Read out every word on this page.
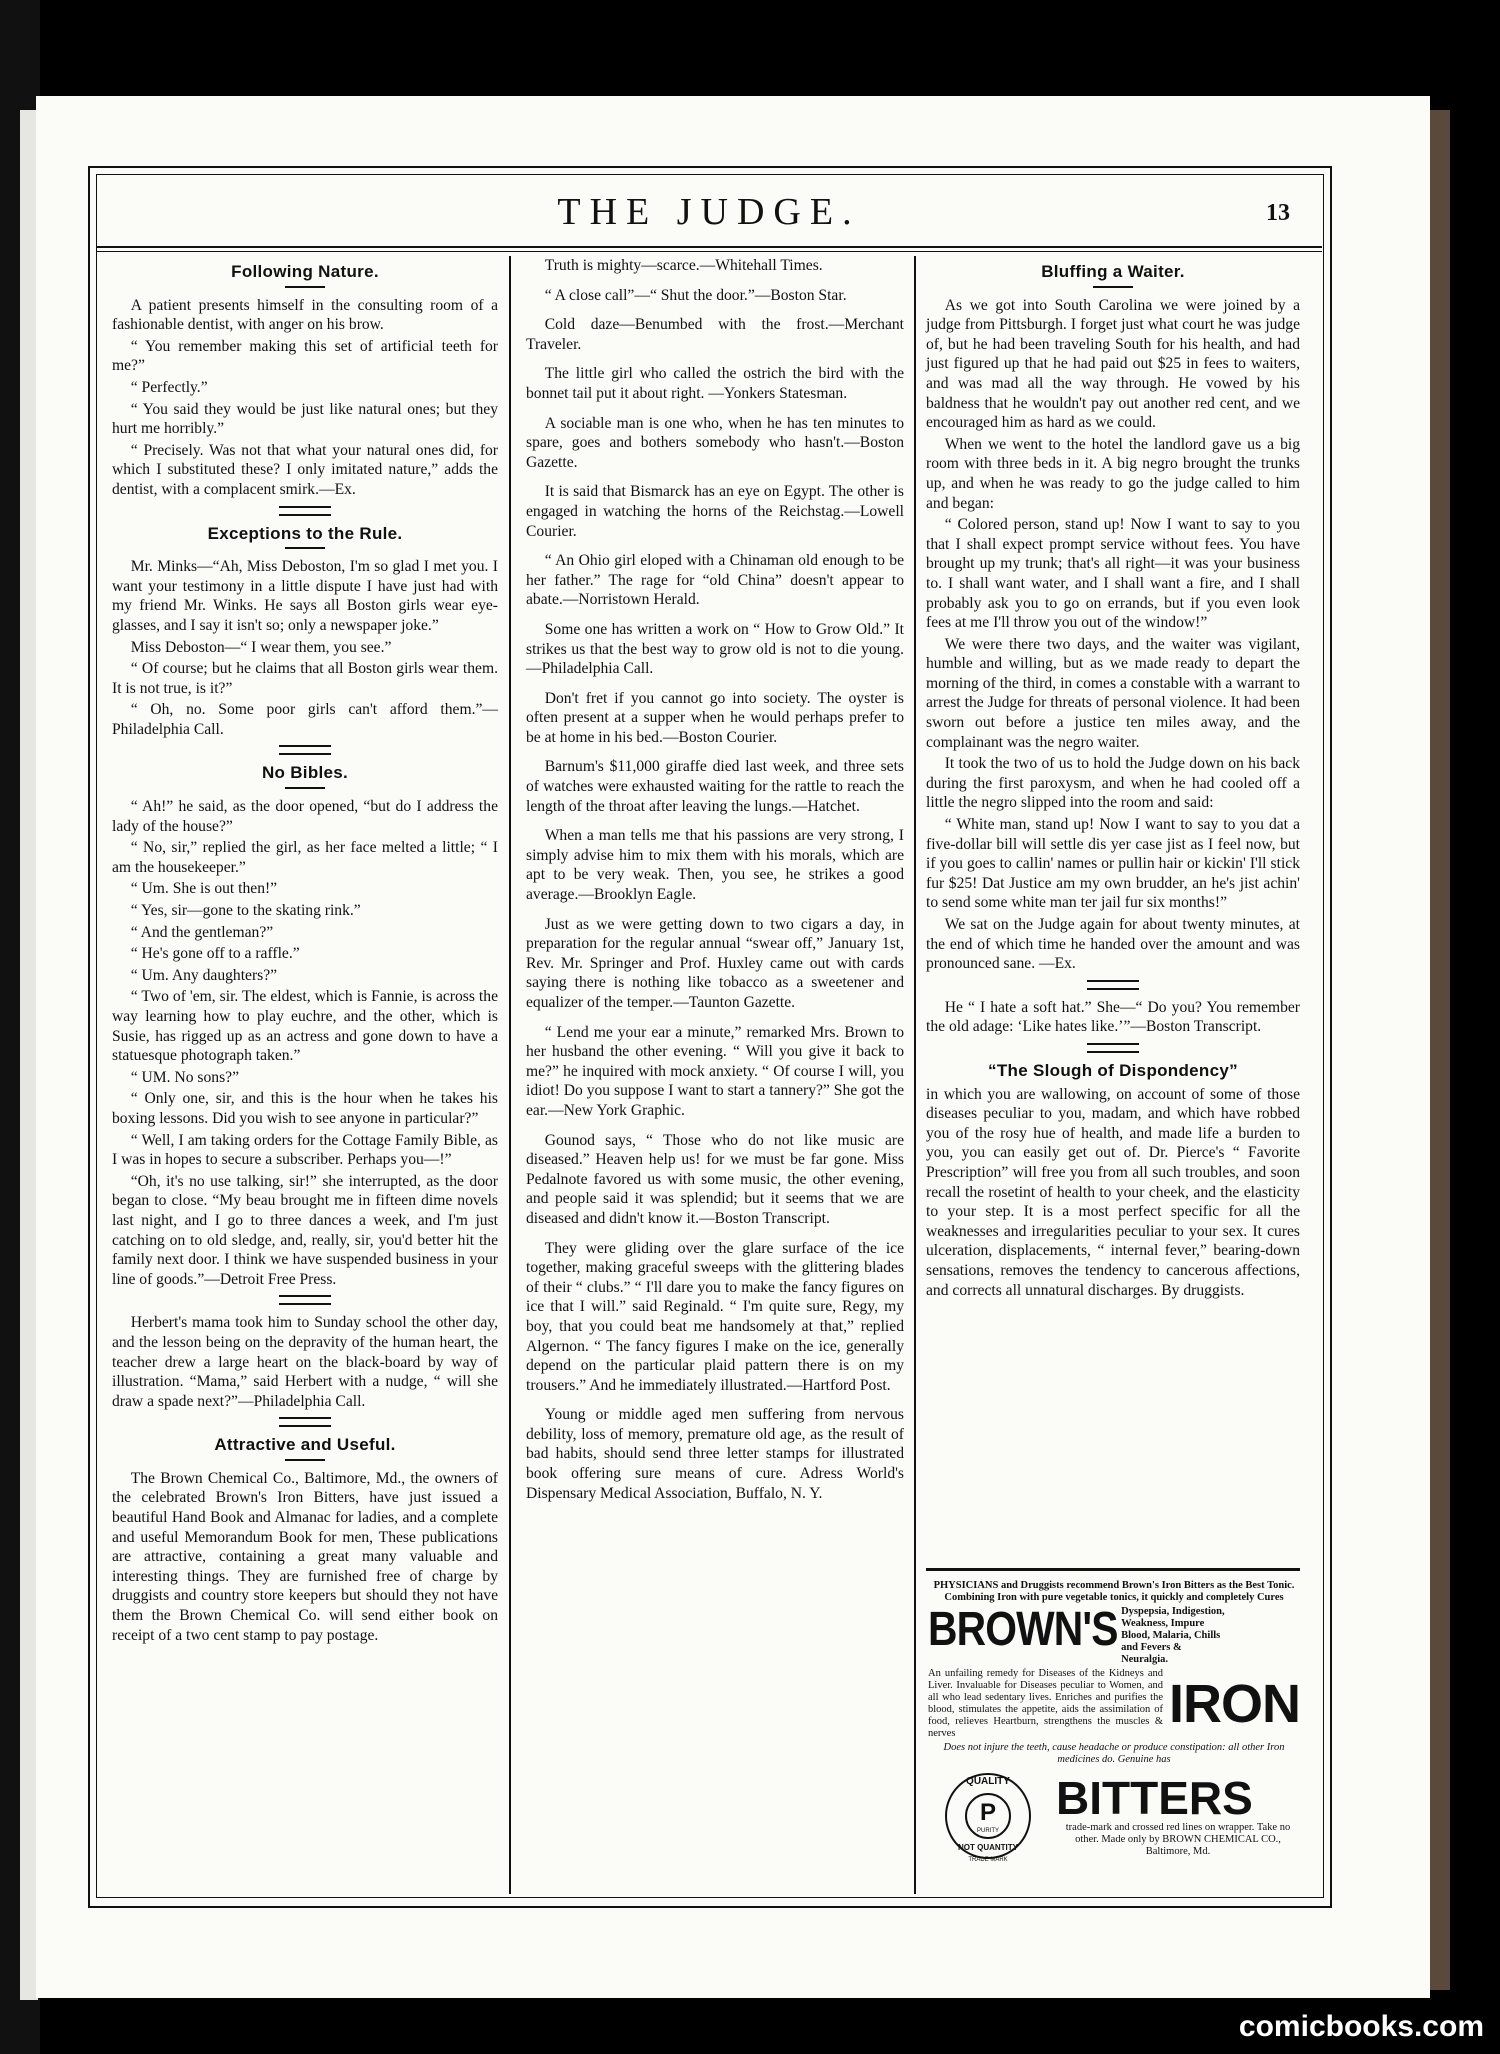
THE JUDGE.	13
Following Nature.

A patient presents himself in the consulting room of a fashionable dentist, with anger on his brow.

“ You remember making this set of artificial teeth for me?”

“ Perfectly.”

“ You said they would be just like natural ones; but they hurt me horribly.”

“ Precisely. Was not that what your natural ones did, for which I substituted these? I only imitated nature,” adds the dentist, with a complacent smirk.—Ex.

Exceptions to the Rule.

Mr. Minks—“Ah, Miss Deboston, I'm so glad I met you. I want your testimony in a little dispute I have just had with my friend Mr. Winks. He says all Boston girls wear eye-glasses, and I say it isn't so; only a newspaper joke.”

Miss Deboston—“ I wear them, you see.”

“ Of course; but he claims that all Boston girls wear them. It is not true, is it?”

“ Oh, no. Some poor girls can't afford them.”—Philadelphia Call.

No Bibles.

“ Ah!” he said, as the door opened, “but do I address the lady of the house?”

“ No, sir,” replied the girl, as her face melted a little; “ I am the housekeeper.”

“ Um. She is out then!”

“ Yes, sir—gone to the skating rink.”

“ And the gentleman?”

“ He's gone off to a raffle.”

“ Um. Any daughters?”

“ Two of 'em, sir. The eldest, which is Fannie, is across the way learning how to play euchre, and the other, which is Susie, has rigged up as an actress and gone down to have a statuesque photograph taken.”

“ UM. No sons?”

“ Only one, sir, and this is the hour when he takes his boxing lessons. Did you wish to see anyone in particular?”

“ Well, I am taking orders for the Cottage Family Bible, as I was in hopes to secure a subscriber. Perhaps you—!”

“Oh, it's no use talking, sir!” she interrupted, as the door began to close. “My beau brought me in fifteen dime novels last night, and I go to three dances a week, and I'm just catching on to old sledge, and, really, sir, you'd better hit the family next door. I think we have suspended business in your line of goods.”—Detroit Free Press.

Herbert's mama took him to Sunday school the other day, and the lesson being on the depravity of the human heart, the teacher drew a large heart on the black-board by way of illustration. “Mama,” said Herbert with a nudge, “ will she draw a spade next?”—Philadelphia Call.

Attractive and Useful.

The Brown Chemical Co., Baltimore, Md., the owners of the celebrated Brown's Iron Bitters, have just issued a beautiful Hand Book and Almanac for ladies, and a complete and useful Memorandum Book for men, These publications are attractive, containing a great many valuable and interesting things. They are furnished free of charge by druggists and country store keepers but should they not have them the Brown Chemical Co. will send either book on receipt of a two cent stamp to pay postage.

Truth is mighty—scarce.—Whitehall Times.

“ A close call”—“ Shut the door.”—Boston Star.

Cold daze—Benumbed with the frost.—Merchant Traveler.

The little girl who called the ostrich the bird with the bonnet tail put it about right. —Yonkers Statesman.

A sociable man is one who, when he has ten minutes to spare, goes and bothers somebody who hasn't.—Boston Gazette.

It is said that Bismarck has an eye on Egypt. The other is engaged in watching the horns of the Reichstag.—Lowell Courier.

“ An Ohio girl eloped with a Chinaman old enough to be her father.” The rage for “old China” doesn't appear to abate.—Norristown Herald.

Some one has written a work on “ How to Grow Old.” It strikes us that the best way to grow old is not to die young.—Philadelphia Call.

Don't fret if you cannot go into society. The oyster is often present at a supper when he would perhaps prefer to be at home in his bed.—Boston Courier.

Barnum's $11,000 giraffe died last week, and three sets of watches were exhausted waiting for the rattle to reach the length of the throat after leaving the lungs.—Hatchet.

When a man tells me that his passions are very strong, I simply advise him to mix them with his morals, which are apt to be very weak. Then, you see, he strikes a good average.—Brooklyn Eagle.

Just as we were getting down to two cigars a day, in preparation for the regular annual “swear off,” January 1st, Rev. Mr. Springer and Prof. Huxley came out with cards saying there is nothing like tobacco as a sweetener and equalizer of the temper.—Taunton Gazette.

“ Lend me your ear a minute,” remarked Mrs. Brown to her husband the other evening. “ Will you give it back to me?” he inquired with mock anxiety. “ Of course I will, you idiot! Do you suppose I want to start a tannery?” She got the ear.—New York Graphic.

Gounod says, “ Those who do not like music are diseased.” Heaven help us! for we must be far gone. Miss Pedalnote favored us with some music, the other evening, and people said it was splendid; but it seems that we are diseased and didn't know it.—Boston Transcript.

They were gliding over the glare surface of the ice together, making graceful sweeps with the glittering blades of their “ clubs.” “ I'll dare you to make the fancy figures on ice that I will.” said Reginald. “ I'm quite sure, Regy, my boy, that you could beat me handsomely at that,” replied Algernon. “ The fancy figures I make on the ice, generally depend on the particular plaid pattern there is on my trousers.” And he immediately illustrated.—Hartford Post.

Young or middle aged men suffering from nervous debility, loss of memory, premature old age, as the result of bad habits, should send three letter stamps for illustrated book offering sure means of cure. Adress World's Dispensary Medical Association, Buffalo, N. Y.

Bluffing a Waiter.

As we got into South Carolina we were joined by a judge from Pittsburgh. I forget just what court he was judge of, but he had been traveling South for his health, and had just figured up that he had paid out $25 in fees to waiters, and was mad all the way through. He vowed by his baldness that he wouldn't pay out another red cent, and we encouraged him as hard as we could.

When we went to the hotel the landlord gave us a big room with three beds in it. A big negro brought the trunks up, and when he was ready to go the judge called to him and began:

“ Colored person, stand up! Now I want to say to you that I shall expect prompt service without fees. You have brought up my trunk; that's all right—it was your business to. I shall want water, and I shall want a fire, and I shall probably ask you to go on errands, but if you even look fees at me I'll throw you out of the window!”

We were there two days, and the waiter was vigilant, humble and willing, but as we made ready to depart the morning of the third, in comes a constable with a warrant to arrest the Judge for threats of personal violence. It had been sworn out before a justice ten miles away, and the complainant was the negro waiter.

It took the two of us to hold the Judge down on his back during the first paroxysm, and when he had cooled off a little the negro slipped into the room and said:

“ White man, stand up! Now I want to say to you dat a five-dollar bill will settle dis yer case jist as I feel now, but if you goes to callin' names or pullin hair or kickin' I'll stick fur $25! Dat Justice am my own brudder, an he's jist achin' to send some white man ter jail fur six months!”

We sat on the Judge again for about twenty minutes, at the end of which time he handed over the amount and was pronounced sane. —Ex.

He “ I hate a soft hat.” She—“ Do you? You remember the old adage: ‘Like hates like.’”—Boston Transcript.

“The Slough of Dispondency”

in which you are wallowing, on account of some of those diseases peculiar to you, madam, and which have robbed you of the rosy hue of health, and made life a burden to you, you can easily get out of. Dr. Pierce's “ Favorite Prescription” will free you from all such troubles, and soon recall the rosetint of health to your cheek, and the elasticity to your step. It is a most perfect specific for all the weaknesses and irregularities peculiar to your sex. It cures ulceration, displacements, “ internal fever,” bearing-down sensations, removes the tendency to cancerous affections, and corrects all unnatural discharges. By druggists.

PHYSICIANS and Druggists recommend Brown's Iron Bitters as the Best Tonic. Combining Iron with pure vegetable tonics, it quickly and completely Cures

BROWN'S Dyspepsia, Indigestion, Weakness, Impure Blood, Malaria, Chills and Fevers & Neuralgia.
An unfailing remedy for Diseases of the Kidneys and Liver. Invaluable for Diseases peculiar to Women, and all who lead sedentary lives. Enriches and purifies the blood, stimulates the appetite, aids the assimilation of food, relieves Heartburn, strengthens the muscles & nerves	IRON

Does not injure the teeth, cause headache or produce constipation: all other Iron medicines do. Genuine has

QUALITY
P
PURITY
NOT QUANTITY
TRADE MARK
BITTERS
trade-mark and crossed red lines on wrapper. Take no other. Made only by BROWN CHEMICAL CO., Baltimore, Md.
comicbooks.com
